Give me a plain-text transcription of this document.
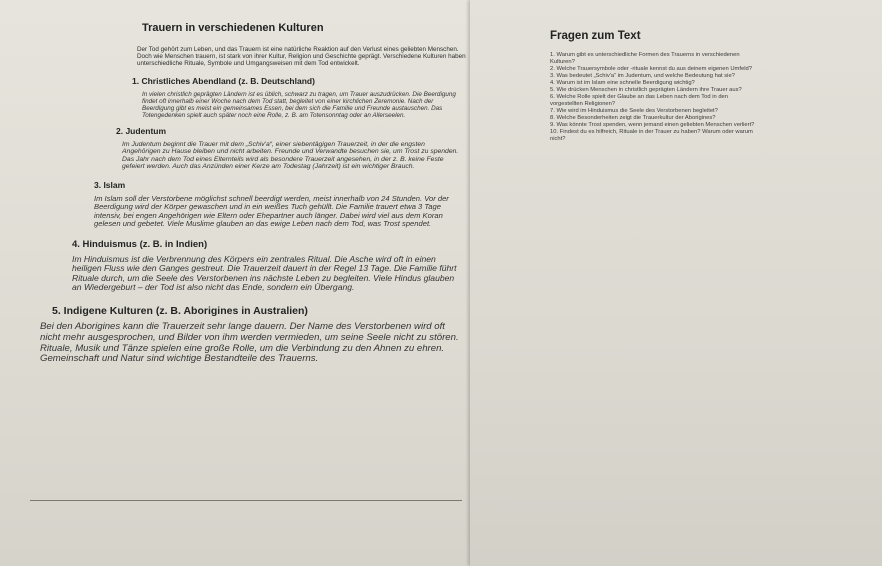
Trauern in verschiedenen Kulturen
Der Tod gehört zum Leben, und das Trauern ist eine natürliche Reaktion auf den Verlust eines geliebten Menschen. Doch wie Menschen trauern, ist stark von ihrer Kultur, Religion und Geschichte geprägt. Verschiedene Kulturen haben unterschiedliche Rituale, Symbole und Umgangsweisen mit dem Tod entwickelt.
1. Christliches Abendland (z. B. Deutschland)

In vielen christlich geprägten Ländern ist es üblich, schwarz zu tragen, um Trauer auszudrücken. Die Beerdigung findet oft innerhalb einer Woche nach dem Tod statt, begleitet von einer kirchlichen Zeremonie. Nach der Beerdigung gibt es meist ein gemeinsames Essen, bei dem sich die Familie und Freunde austauschen. Das Totengedenken spielt auch später noch eine Rolle, z. B. am Totensonntag oder an Allerseelen.

2. Judentum

Im Judentum beginnt die Trauer mit dem „Schiv'a“, einer siebentägigen Trauerzeit, in der die engsten Angehörigen zu Hause bleiben und nicht arbeiten. Freunde und Verwandte besuchen sie, um Trost zu spenden. Das Jahr nach dem Tod eines Elternteils wird als besondere Trauerzeit angesehen, in der z. B. keine Feste gefeiert werden. Auch das Anzünden einer Kerze am Todestag (Jahrzeit) ist ein wichtiger Brauch.

3. Islam

Im Islam soll der Verstorbene möglichst schnell beerdigt werden, meist innerhalb von 24 Stunden. Vor der Beerdigung wird der Körper gewaschen und in ein weißes Tuch gehüllt. Die Familie trauert etwa 3 Tage intensiv, bei engen Angehörigen wie Eltern oder Ehepartner auch länger. Dabei wird viel aus dem Koran gelesen und gebetet. Viele Muslime glauben an das ewige Leben nach dem Tod, was Trost spendet.

4. Hinduismus (z. B. in Indien)

Im Hinduismus ist die Verbrennung des Körpers ein zentrales Ritual. Die Asche wird oft in einen heiligen Fluss wie den Ganges gestreut. Die Trauerzeit dauert in der Regel 13 Tage. Die Familie führt Rituale durch, um die Seele des Verstorbenen ins nächste Leben zu begleiten. Viele Hindus glauben an Wiedergeburt – der Tod ist also nicht das Ende, sondern ein Übergang.

5. Indigene Kulturen (z. B. Aborigines in Australien)

Bei den Aborigines kann die Trauerzeit sehr lange dauern. Der Name des Verstorbenen wird oft nicht mehr ausgesprochen, und Bilder von ihm werden vermieden, um seine Seele nicht zu stören. Rituale, Musik und Tänze spielen eine große Rolle, um die Verbindung zu den Ahnen zu ehren. Gemeinschaft und Natur sind wichtige Bestandteile des Trauerns.

Fragen zum Text
1. Warum gibt es unterschiedliche Formen des Trauerns in verschiedenen
Kulturen?
2. Welche Trauersymbole oder -rituale kennst du aus deinem eigenen Umfeld?
3. Was bedeutet „Schiv'a“ im Judentum, und welche Bedeutung hat sie?
4. Warum ist im Islam eine schnelle Beerdigung wichtig?
5. Wie drücken Menschen in christlich geprägten Ländern ihre Trauer aus?
6. Welche Rolle spielt der Glaube an das Leben nach dem Tod in den
vorgestellten Religionen?
7. Wie wird im Hinduismus die Seele des Verstorbenen begleitet?
8. Welche Besonderheiten zeigt die Trauerkultur der Aborigines?
9. Was könnte Trost spenden, wenn jemand einen geliebten Menschen verliert?
10. Findest du es hilfreich, Rituale in der Trauer zu haben? Warum oder warum
nicht?
